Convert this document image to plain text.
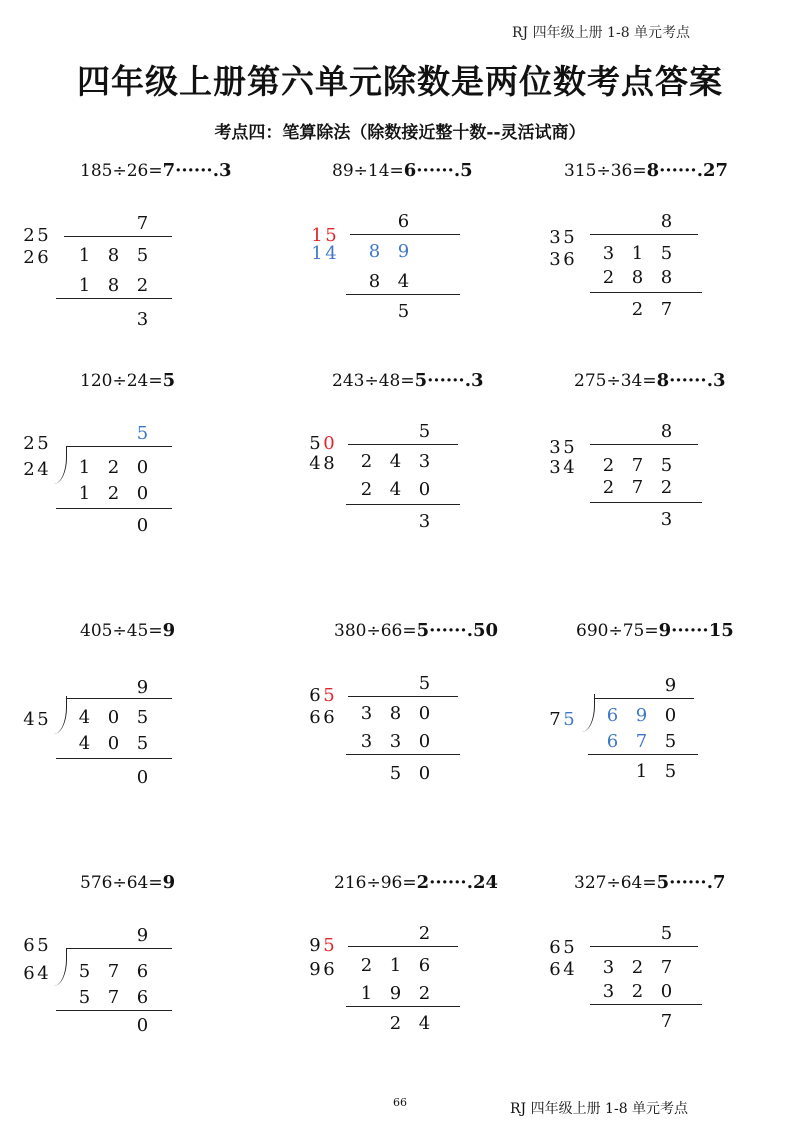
RJ 四年级上册 1-8 单元考点
四年级上册第六单元除数是两位数考点答案
考点四：笔算除法（除数接近整十数--灵活试商）
185÷26=7······.3
2 5
2 6
7
1 8 5
1 8 2
3
89÷14=6······.5
1 5
1 4
6
8 9
8 4
5
315÷36=8······.27
3 5
3 6
8
3 1 5
2 8 8
2 7
120÷24=5
2 5
2 4
5
1 2 0
1 2 0
0
243÷48=5······.3
5 0
4 8
5
2 4 3
2 4 0
3
275÷34=8······.3
3 5
3 4
8
2 7 5
2 7 2
3
405÷45=9
4 5
9
4 0 5
4 0 5
0
380÷66=5······.50
6 5
6 6
5
3 8 0
3 3 0
5 0
690÷75=9······15
7 5
9
6 9 0
6 7 5
1 5
576÷64=9
6 5
6 4
9
5 7 6
5 7 6
0
216÷96=2······.24
9 5
9 6
2
2 1 6
1 9 2
2 4
327÷64=5······.7
6 5
6 4
5
3 2 7
3 2 0
7
66	RJ 四年级上册 1-8 单元考点
